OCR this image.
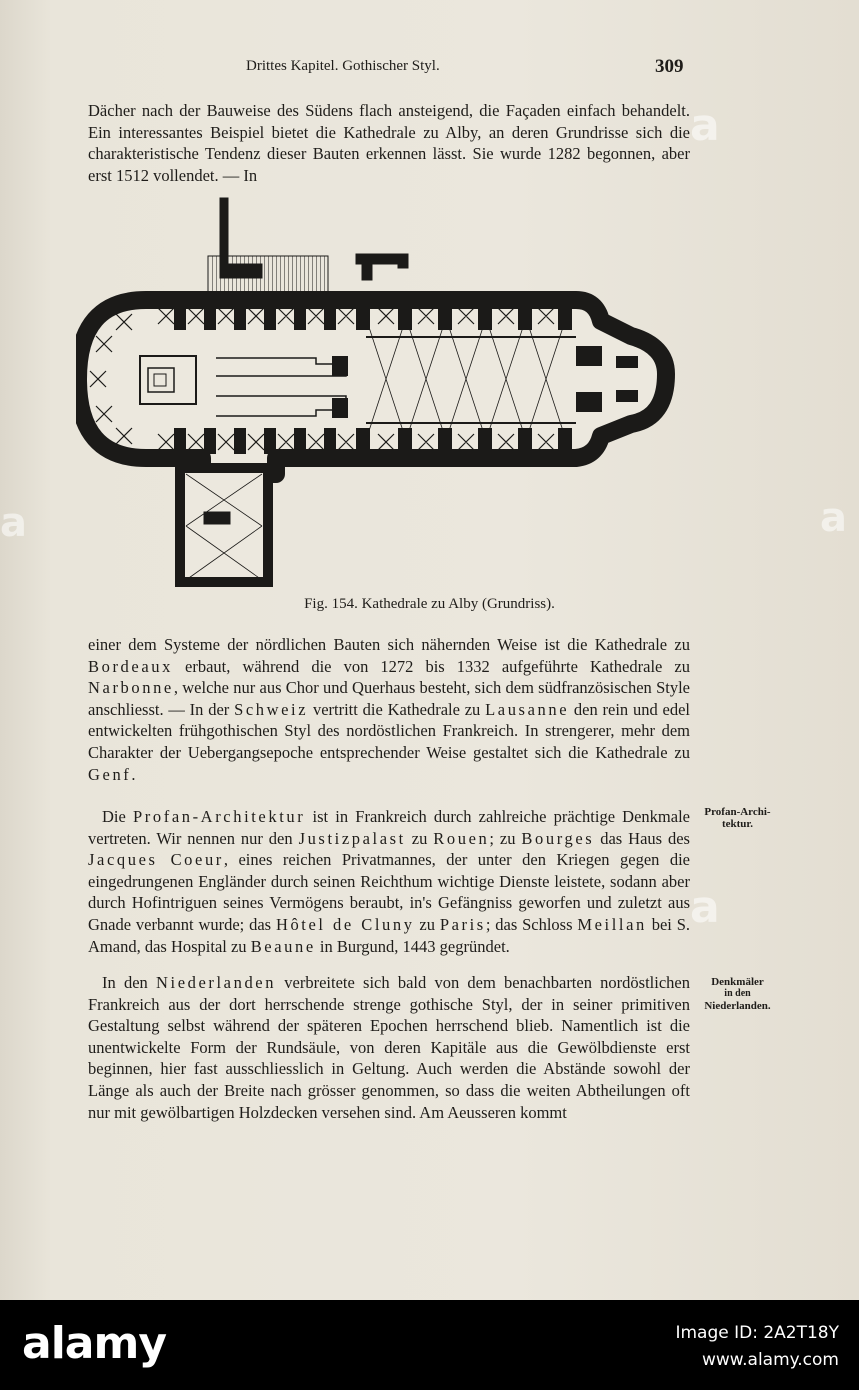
Drittes Kapitel. Gothischer Styl.	309

Dächer nach der Bauweise des Südens flach ansteigend, die Façaden einfach behandelt. Ein interessantes Beispiel bietet die Kathedrale zu Alby, an deren Grundrisse sich die charakteristische Tendenz dieser Bauten erkennen lässt. Sie wurde 1282 begonnen, aber erst 1512 vollendet. — In

Fig. 154. Kathedrale zu Alby (Grundriss).

einer dem Systeme der nördlichen Bauten sich nähernden Weise ist die Kathedrale zu Bordeaux erbaut, während die von 1272 bis 1332 aufgeführte Kathedrale zu Narbonne, welche nur aus Chor und Querhaus besteht, sich dem südfranzösischen Style anschliesst. — In der Schweiz vertritt die Kathedrale zu Lausanne den rein und edel entwickelten frühgothischen Styl des nordöstlichen Frankreich. In strengerer, mehr dem Charakter der Uebergangsepoche entsprechender Weise gestaltet sich die Kathedrale zu Genf.

Die Profan-Architektur ist in Frankreich durch zahlreiche prächtige Denkmale vertreten. Wir nennen nur den Justizpalast zu Rouen; zu Bourges das Haus des Jacques Coeur, eines reichen Privatmannes, der unter den Kriegen gegen die eingedrungenen Engländer durch seinen Reichthum wichtige Dienste leistete, sodann aber durch Hofintriguen seines Vermögens beraubt, in's Gefängniss geworfen und zuletzt aus Gnade verbannt wurde; das Hôtel de Cluny zu Paris; das Schloss Meillan bei S. Amand, das Hospital zu Beaune in Burgund, 1443 gegründet.

In den Niederlanden verbreitete sich bald von dem benachbarten nordöstlichen Frankreich aus der dort herrschende strenge gothische Styl, der in seiner primitiven Gestaltung selbst während der späteren Epochen herrschend blieb. Namentlich ist die unentwickelte Form der Rundsäule, von deren Kapitäle aus die Gewölbdienste erst beginnen, hier fast ausschliesslich in Geltung. Auch werden die Abstände sowohl der Länge als auch der Breite nach grösser genommen, so dass die weiten Abtheilungen oft nur mit gewölbartigen Holzdecken versehen sind. Am Aeusseren kommt

Profan-Archi-
tektur.
Denkmäler
in den
Niederlanden.
a
a	a
a
alamy	Image ID: 2A2T18Y
www.alamy.com
